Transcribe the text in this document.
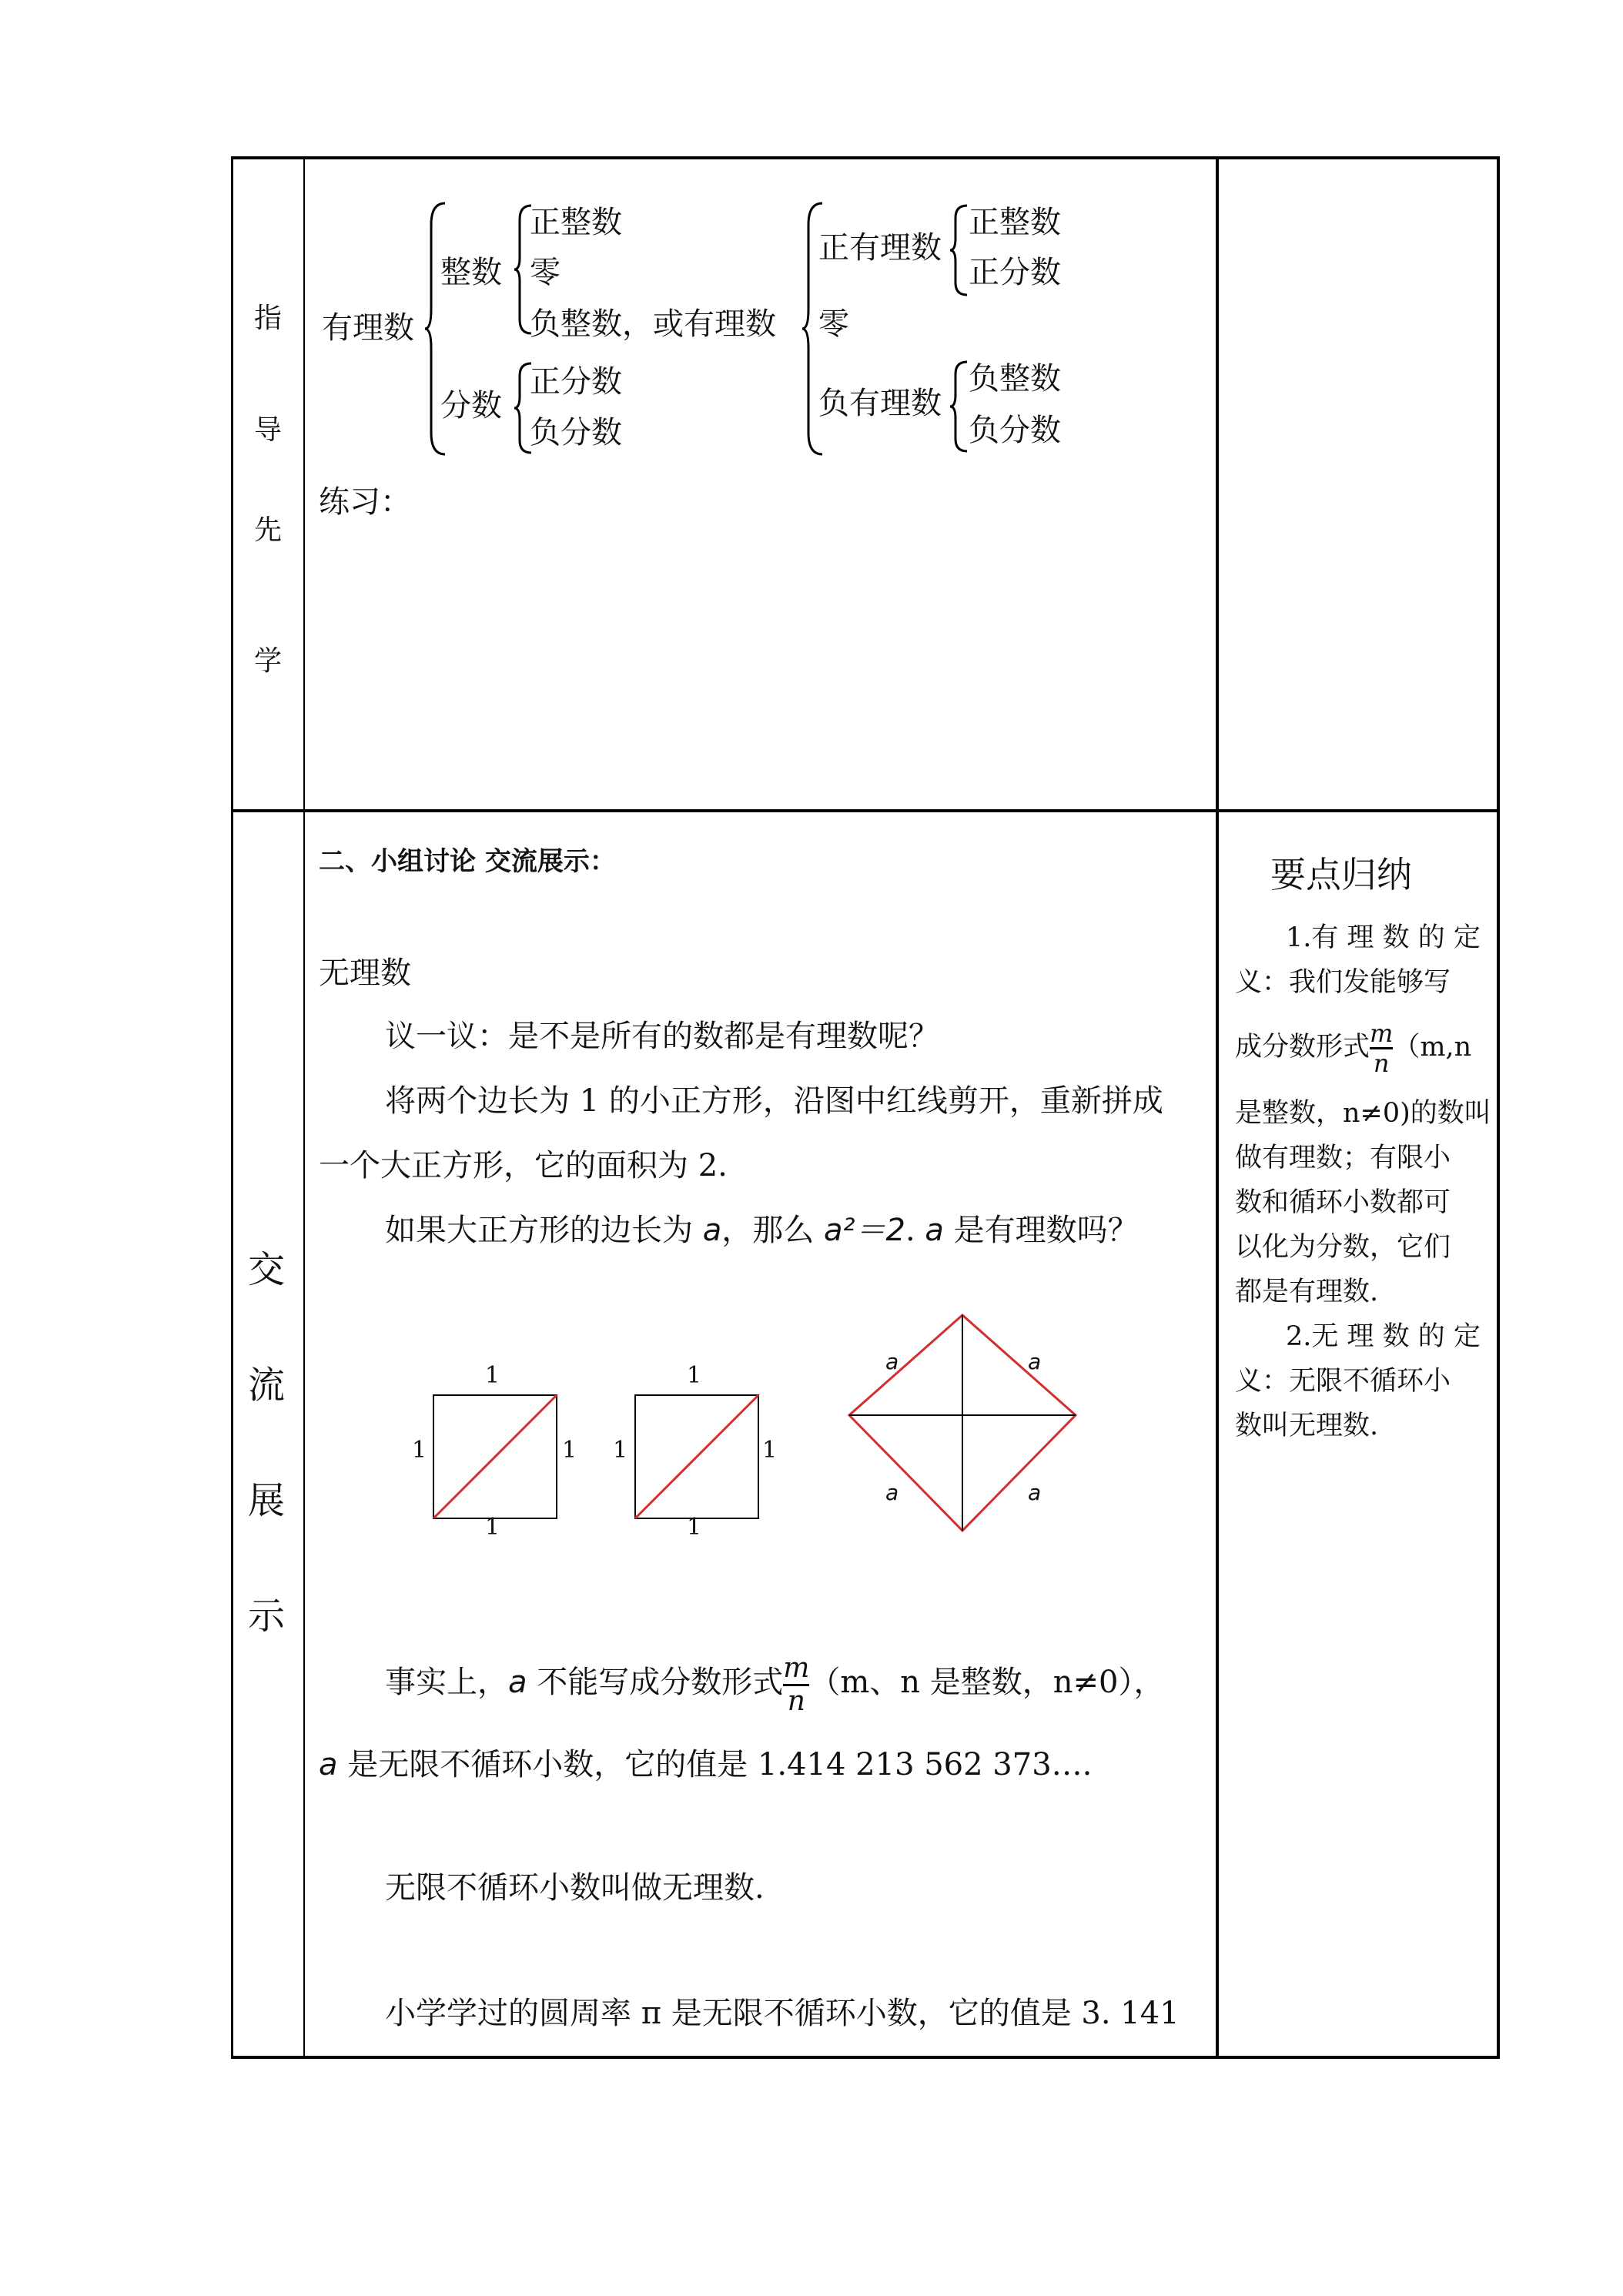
指
导
先
学
交
流
展
示
有理数
整数
正整数
零
负整数，或有理数
分数
正分数
负分数
正有理数
正整数
正分数
零
负有理数
负整数
负分数
练习：
二、小组讨论 交流展示：
无理数
议一议：是不是所有的数都是有理数呢？
将两个边长为 1 的小正方形，沿图中红线剪开，重新拼成
一个大正方形，它的面积为 2.
如果大正方形的边长为 a，那么 a²＝2. a 是有理数吗？
1
1	1
1
1
1	1
1
a	a
a	a
事实上，a 不能写成分数形式 $\frac{m}{n} (m$、n 是整数，n≠0），
a 是无限不循环小数，它的值是 1.414 213 562 373….
无限不循环小数叫做无理数.
小学学过的圆周率 π 是无限不循环小数，它的值是 3. 141
要点归纳
1.有 理 数 的 定
义：我们发能够写
成分数形式 $\frac{m}{n} (m,n$
是整数，n≠0)的数叫
做有理数；有限小
数和循环小数都可
以化为分数，它们
都是有理数.
2.无 理 数 的 定
义：无限不循环小
数叫无理数.
